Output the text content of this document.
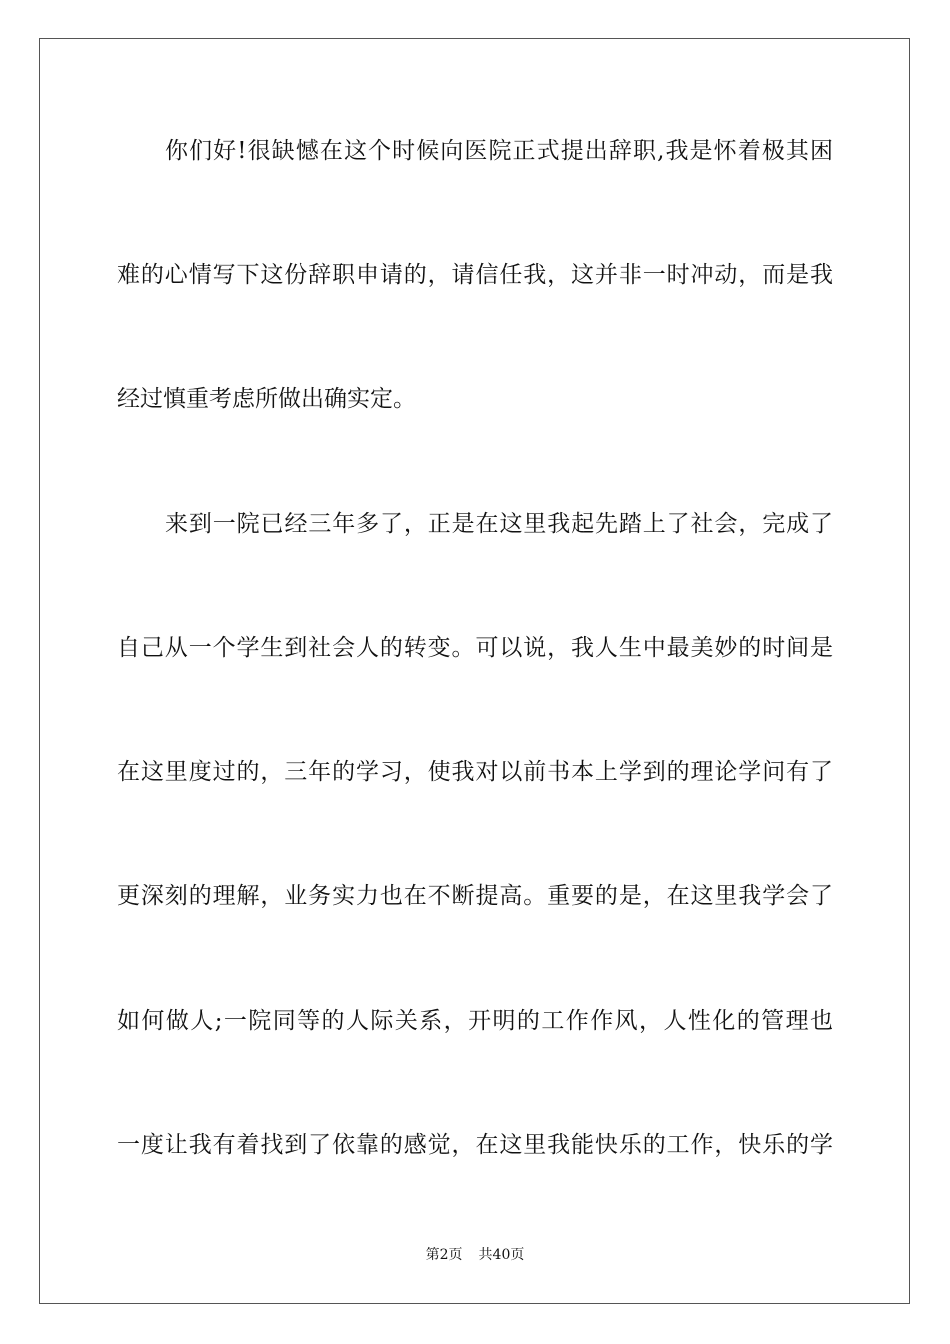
你们好!很缺憾在这个时候向医院正式提出辞职,我是怀着极其困
难的心情写下这份辞职申请的，请信任我，这并非一时冲动，而是我
经过慎重考虑所做出确实定。
来到一院已经三年多了，正是在这里我起先踏上了社会，完成了
自己从一个学生到社会人的转变。可以说，我人生中最美妙的时间是
在这里度过的，三年的学习，使我对以前书本上学到的理论学问有了
更深刻的理解，业务实力也在不断提高。重要的是，在这里我学会了
如何做人;一院同等的人际关系，开明的工作作风，人性化的管理也
一度让我有着找到了依靠的感觉，在这里我能快乐的工作，快乐的学
第2页 共40页
